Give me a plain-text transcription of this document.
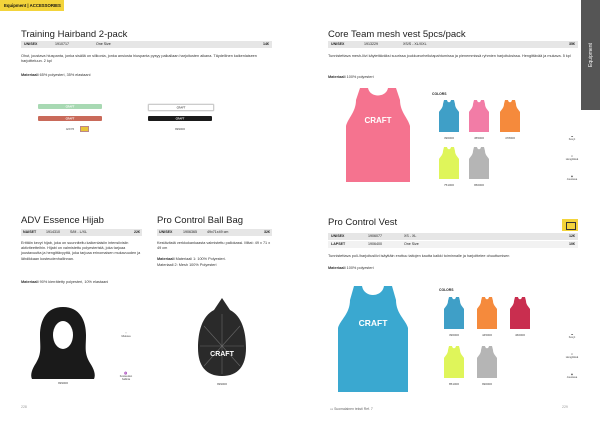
Equipment | ACCESSORIES
Equipment
Training Hairband 2-pack
UNISEX	1910717	One Size	14€
Ohut, joustava hiuspanta, jonka sisällä on silikonia, jonka ansiosta hiuspanta pysyy paikallaan harjoitusten aikana. Täydellinen kaikenlaiseen harjoitteluun. 2 kpl
Materiaali 65% polyesteri, 35% elastaani
CRAFT
CRAFT
4/2/76
CRAFT
CRAFT
999000
ADV Essence Hijab
NAISET	1914310	S/M - L/XL	22€
Erittäin kevyt hijab, joka on suunniteltu kaikenlaisiin intensiivisiin aktiviteetteihin. Hijabi on valmistettu polyesteristä, joka tarjoaa joustavuutta ja hengittävyyttä, joka tarjoaa erinomaisen mukavuuden ja lähdikkaan kosteudenhallinnan.
Materiaali 90% kierrätetty polyesteri, 10% elastaani
999000
◠
Mukava
♒
Kosteuden hallinta
Pro Control Ball Bag
UNISEX	1906365	49x71x49 cm	32€
Kestävästä verkkokankaasta valmistettu pallokassi. Mitat: 49 x 71 x 49 cm
Materiaali Materiaali 1: 100% Polyesteri.
Materiaali 2: Mesh 100% Polyesteri
CRAFT
999000
228
Core Team mesh vest 5pcs/pack
UNISEX	1913229	XS/S - XL/XXL	35€
Tunnistettava mesh-liivi käytettäväksi suurissa joukkueurheilutapahtumissa ja pienemmissä ryhmien harjoituksissa. Hengittävää ja mukava. 5 kpl
Materiaali 100% polyesteri
CRAFT
COLORS
396000	455000	478000
751000	950000
☁
Kevyt
✕
Hengittävä
◉
Joustava
Pro Control Vest
UNISEX	1906077	XS - XL	12€
LAPSET	1906400	One Size	10€
Tunnistettava poli-/harjoitusliivi isäyttäin erottuu taitojen kautta kaikki toiminnalle ja harjoittelee ohuuttumisen
Materiaali 100% polyesteri
CRAFT
COLORS
396000	445000	460000
851000	990000
☁
Kevyt
✕
Hengittävä
◉
Joustava
▭ Suomalainen teksti Ref. 7	229
